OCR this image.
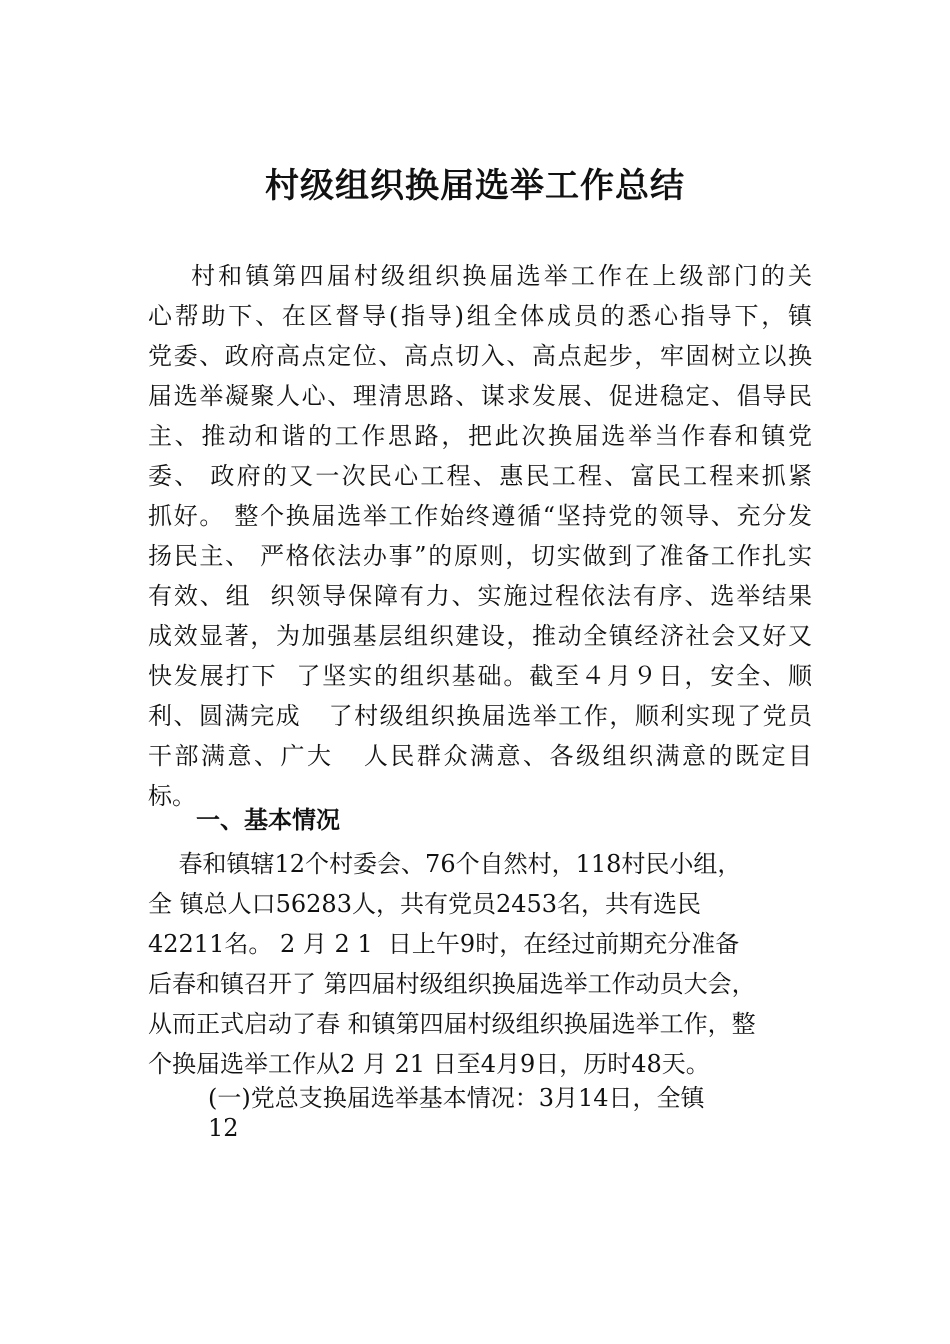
村级组织换届选举工作总结

村和镇第四届村级组织换届选举工作在上级部门的关

心帮助下、在区督导(指导)组全体成员的悉心指导下，镇

党委、政府高点定位、高点切入、高点起步，牢固树立以换

届选举凝聚人心、理清思路、谋求发展、促进稳定、倡导民

主、推动和谐的工作思路，把此次换届选举当作春和镇党

委、 政府的又一次民心工程、惠民工程、富民工程来抓紧

抓好。 整个换届选举工作始终遵循“坚持党的领导、充分发

扬民主、 严格依法办事”的原则，切实做到了准备工作扎实

有效、组  织领导保障有力、实施过程依法有序、选举结果

成效显著，为加强基层组织建设，推动全镇经济社会又好又

快发展打下  了坚实的组织基础。截至４月９日，安全、顺

利、圆满完成   了村级组织换届选举工作，顺利实现了党员

干部满意、广大   人民群众满意、各级组织满意的既定目

标。

一、基本情况

春和镇辖12个村委会、76个自然村，118村民小组，

全 镇总人口56283人，共有党员2453名，共有选民

42211名。 2 月 2 1  日上午9时，在经过前期充分准备

后春和镇召开了 第四届村级组织换届选举工作动员大会，

从而正式启动了春 和镇第四届村级组织换届选举工作，整

个换届选举工作从2 月 21 日至4月9日，历时48天。

(一)党总支换届选举基本情况：3月14日，全镇

12
